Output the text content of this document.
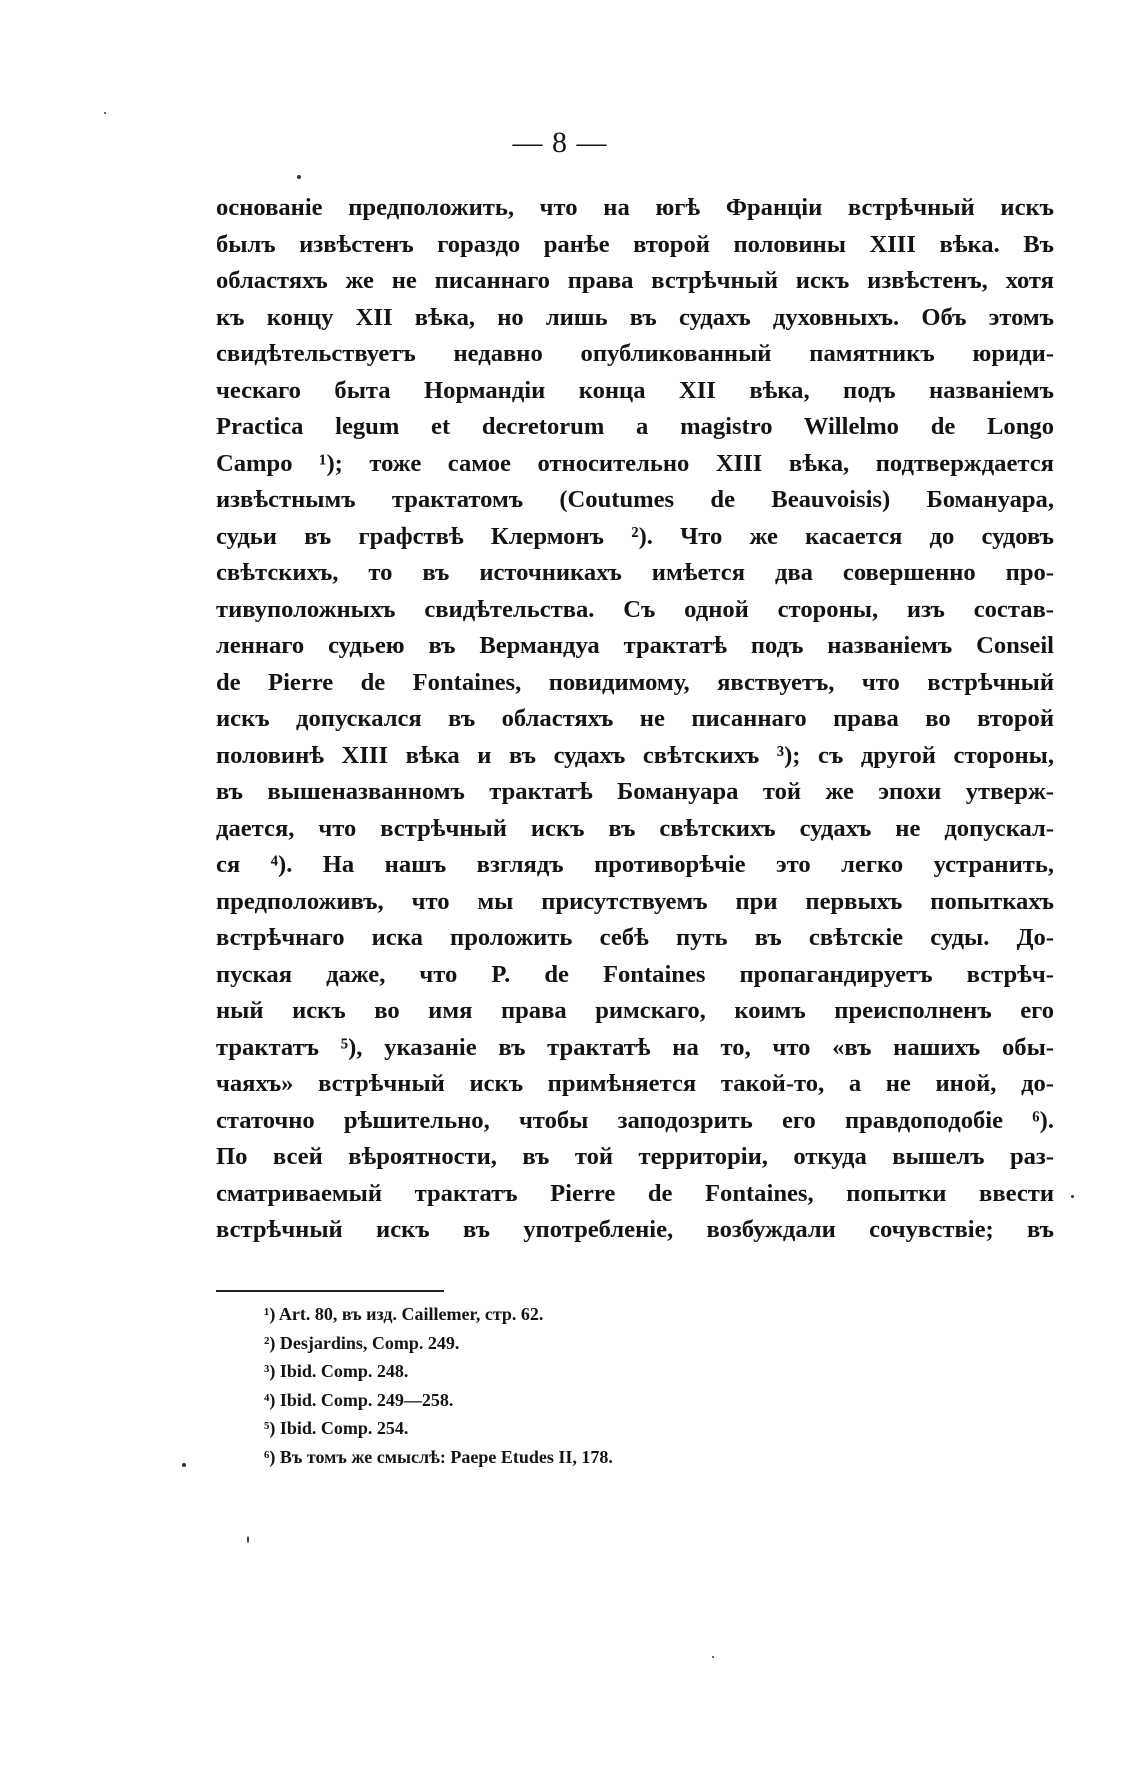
— 8 —
основаніе предположить, что на югѣ Франціи встрѣчный искъ
былъ извѣстенъ гораздо ранѣе второй половины XIII вѣка. Въ
областяхъ же не писаннаго права встрѣчный искъ извѣстенъ, хотя
къ концу XII вѣка, но лишь въ судахъ духовныхъ. Объ этомъ
свидѣтельствуетъ недавно опубликованный памятникъ юриди-
ческаго быта Нормандіи конца XII вѣка, подъ названіемъ
Practica legum et decretorum a magistro Willelmo de Longo
Campo ¹); тоже самое относительно XIII вѣка, подтверждается
извѣстнымъ трактатомъ (Coutumes de Beauvoisis) Бомануара,
судьи въ графствѣ Клермонъ ²). Что же касается до судовъ
свѣтскихъ, то въ источникахъ имѣется два совершенно про-
тивуположныхъ свидѣтельства. Съ одной стороны, изъ состав-
леннаго судьею въ Вермандуа трактатѣ подъ названіемъ Conseil
de Pierre de Fontaines, повидимому, явствуетъ, что встрѣчный
искъ допускался въ областяхъ не писаннаго права во второй
половинѣ XIII вѣка и въ судахъ свѣтскихъ ³); съ другой стороны,
въ вышеназванномъ трактатѣ Бомануара той же эпохи утверж-
дается, что встрѣчный искъ въ свѣтскихъ судахъ не допускал-
ся ⁴). На нашъ взглядъ противорѣчіе это легко устранить,
предположивъ, что мы присутствуемъ при первыхъ попыткахъ
встрѣчнаго иска проложить себѣ путь въ свѣтскіе суды. До-
пуская даже, что P. de Fontaines пропагандируетъ встрѣч-
ный искъ во имя права римскаго, коимъ преисполненъ его
трактатъ ⁵), указаніе въ трактатѣ на то, что «въ нашихъ обы-
чаяхъ» встрѣчный искъ примѣняется такой-то, а не иной, до-
статочно рѣшительно, чтобы заподозрить его правдоподобіе ⁶).
По всей вѣроятности, въ той территоріи, откуда вышелъ раз-
сматриваемый трактатъ Pierre de Fontaines, попытки ввести
встрѣчный искъ въ употребленіе, возбуждали сочувствіе; въ
¹) Art. 80, въ изд. Caillemer, стр. 62.
²) Desjardins, Comp. 249.
³) Ibid. Comp. 248.
⁴) Ibid. Comp. 249—258.
⁵) Ibid. Comp. 254.
⁶) Въ томъ же смыслѣ: Paepe Etudes II, 178.
